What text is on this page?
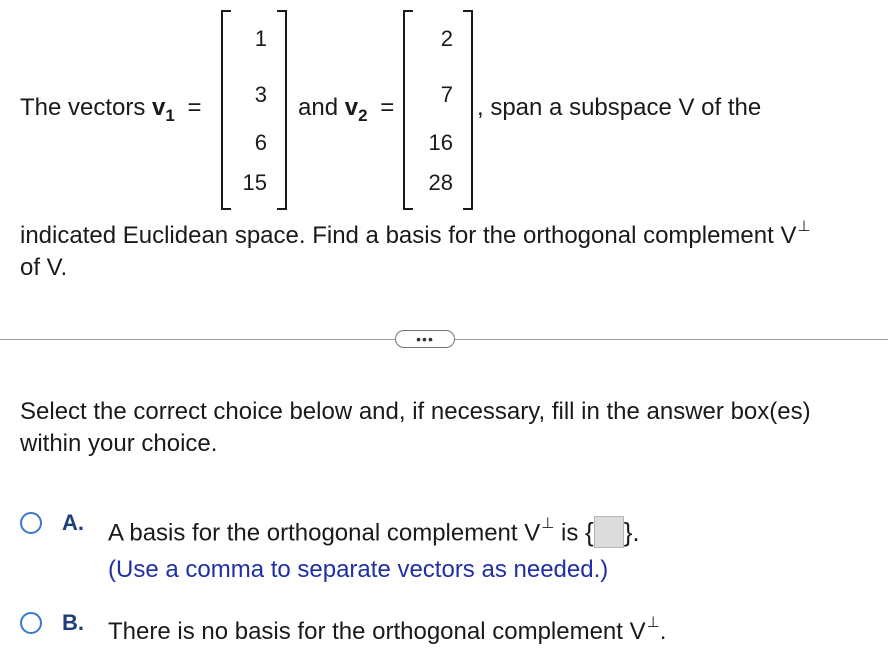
The vectors $v_1$ =
1
3
6
15
and $v_2$ =
2
7
16
28
, span a subspace V of the
indicated Euclidean space. Find a basis for the orthogonal complement V⊥
of V.
•••
Select the correct choice below and, if necessary, fill in the answer box(es)
within your choice.
A. A basis for the orthogonal complement V⊥ is { }.
(Use a comma to separate vectors as needed.)
B. There is no basis for the orthogonal complement V⊥.
